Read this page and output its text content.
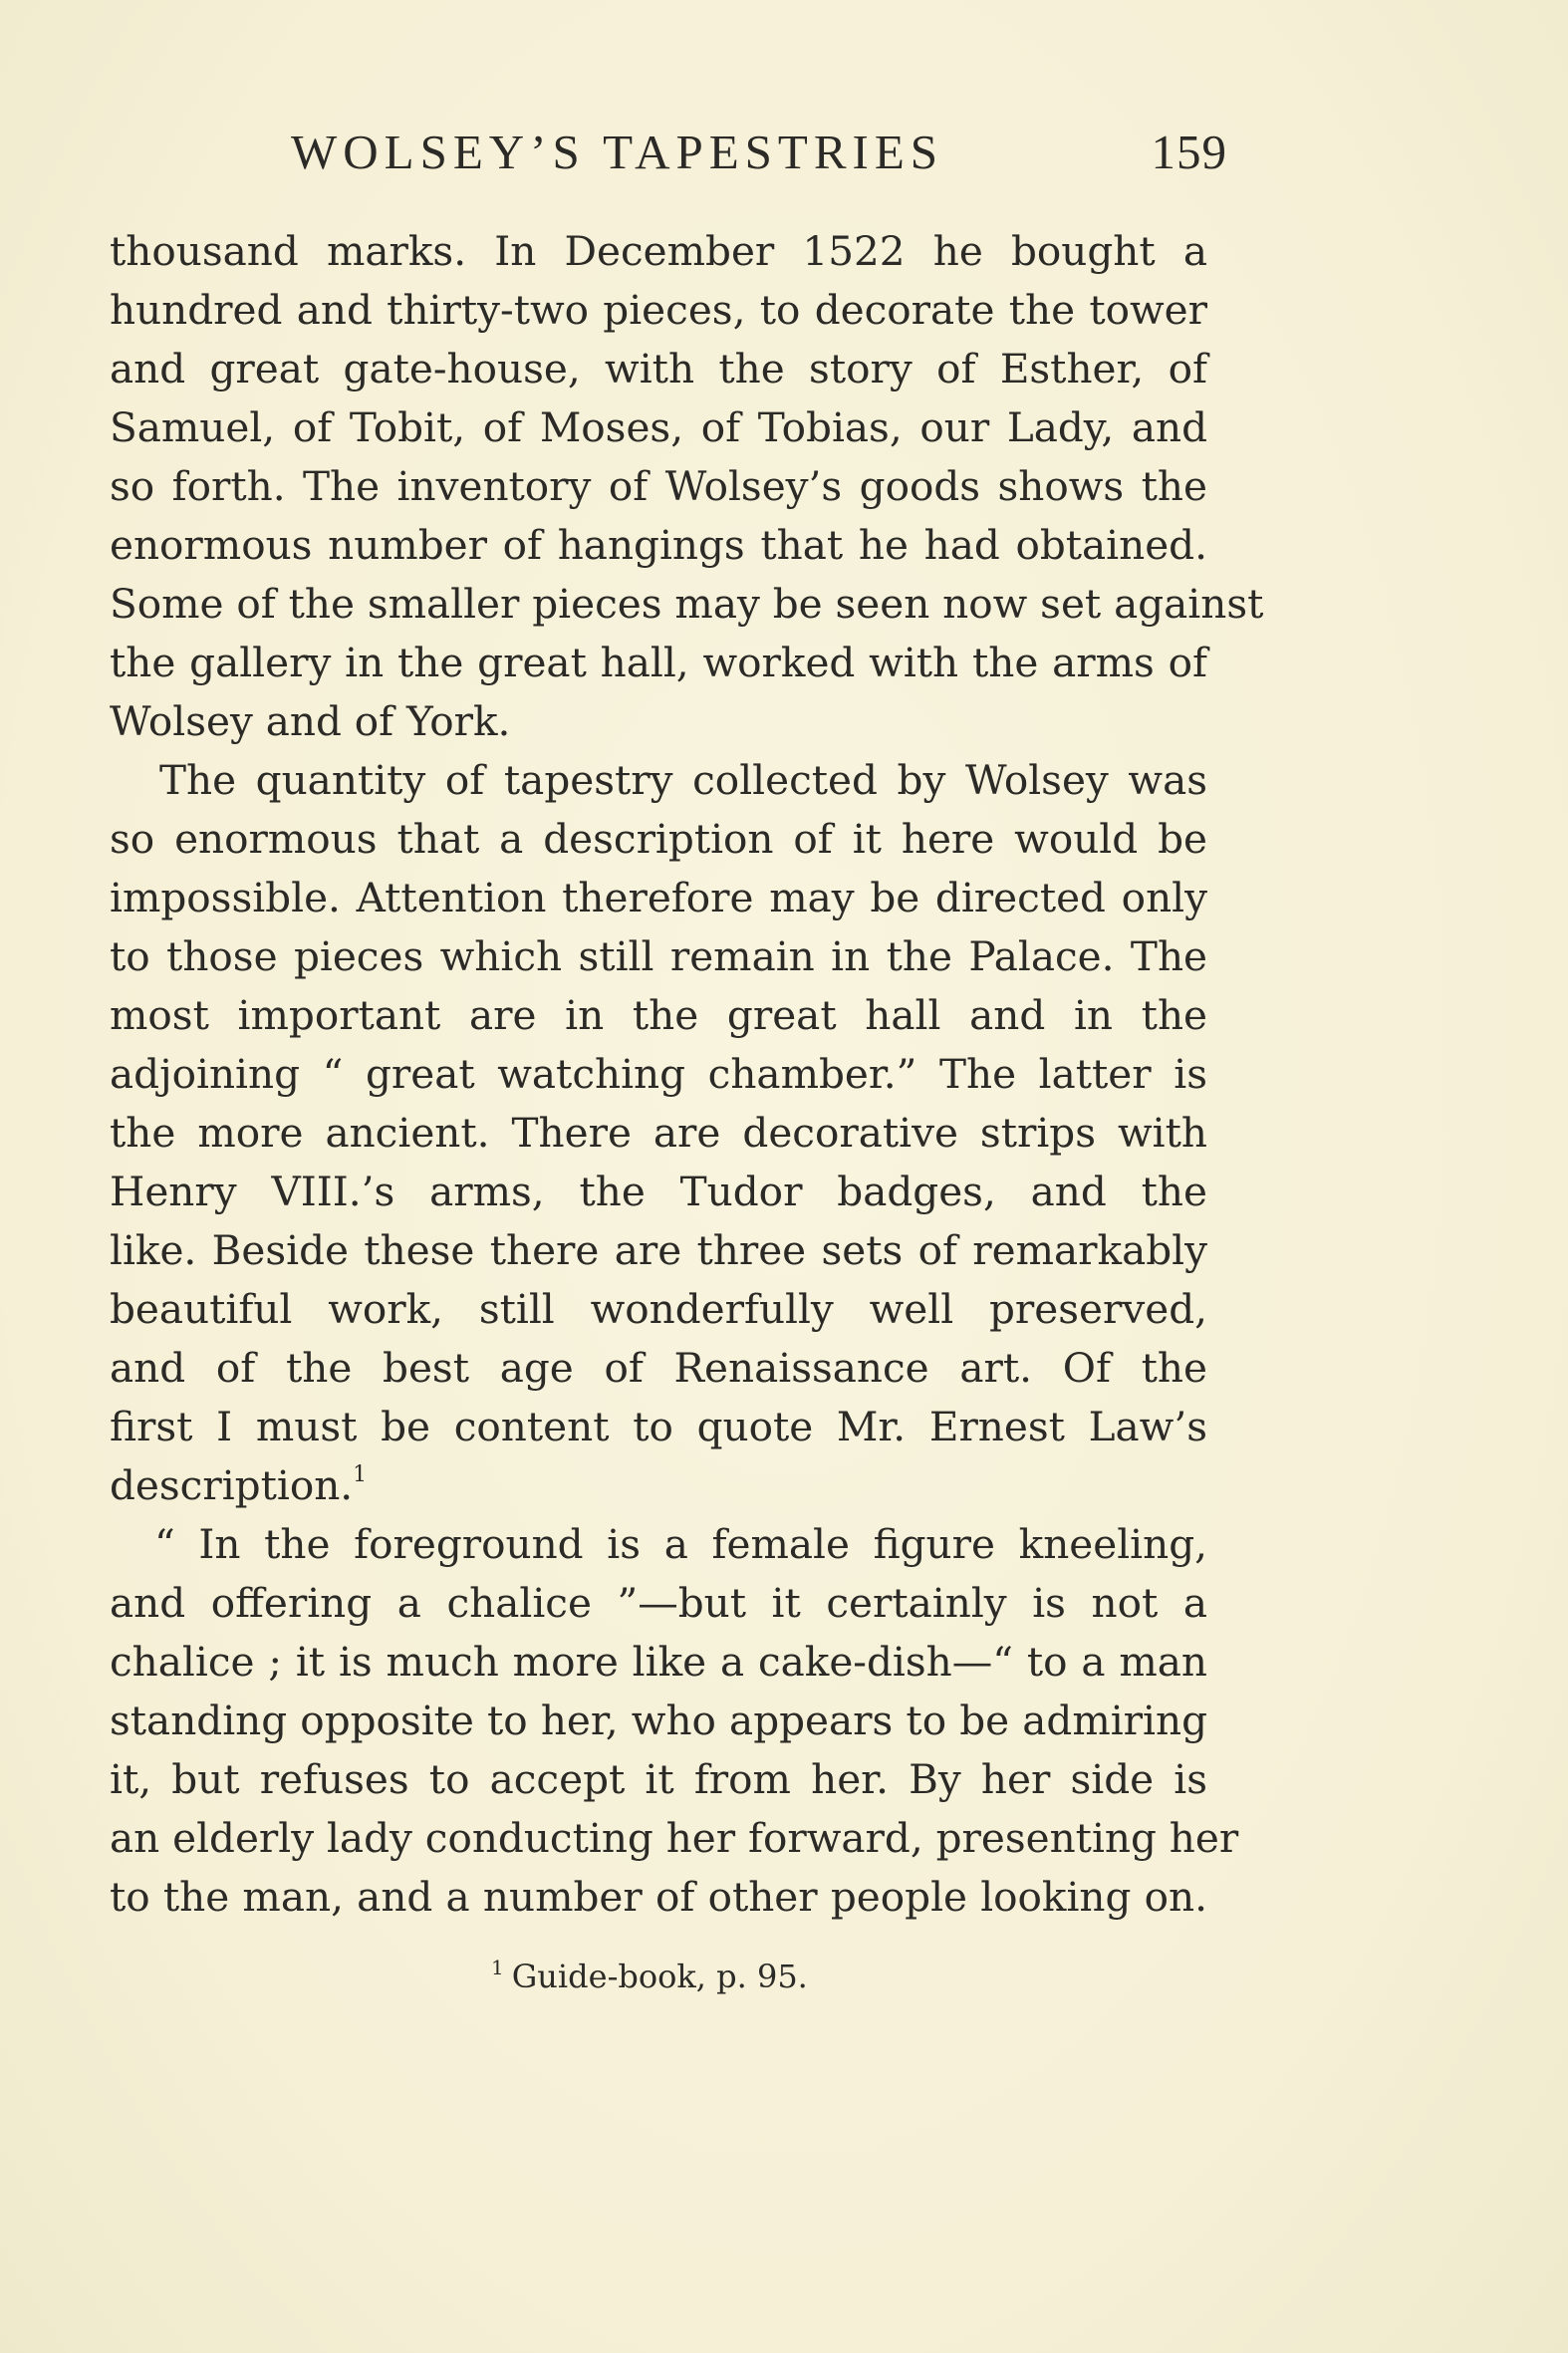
WOLSEY’S TAPESTRIES	159
thousand marks. In December 1522 he bought a
hundred and thirty-two pieces, to decorate the tower
and great gate-house, with the story of Esther, of
Samuel, of Tobit, of Moses, of Tobias, our Lady, and
so forth. The inventory of Wolsey’s goods shows the
enormous number of hangings that he had obtained.
Some of the smaller pieces may be seen now set against
the gallery in the great hall, worked with the arms of
Wolsey and of York.
The quantity of tapestry collected by Wolsey was
so enormous that a description of it here would be
impossible. Attention therefore may be directed only
to those pieces which still remain in the Palace. The
most important are in the great hall and in the
adjoining “ great watching chamber.” The latter is
the more ancient. There are decorative strips with
Henry VIII.’s arms, the Tudor badges, and the
like. Beside these there are three sets of remarkably
beautiful work, still wonderfully well preserved,
and of the best age of Renaissance art. Of the
first I must be content to quote Mr. Ernest Law’s
description.$^1$
“ In the foreground is a female figure kneeling,
and offering a chalice ”—but it certainly is not a
chalice ; it is much more like a cake-dish—“ to a man
standing opposite to her, who appears to be admiring
it, but refuses to accept it from her. By her side is
an elderly lady conducting her forward, presenting her
to the man, and a number of other people looking on.
$^1$ Guide-book, p. 95.
